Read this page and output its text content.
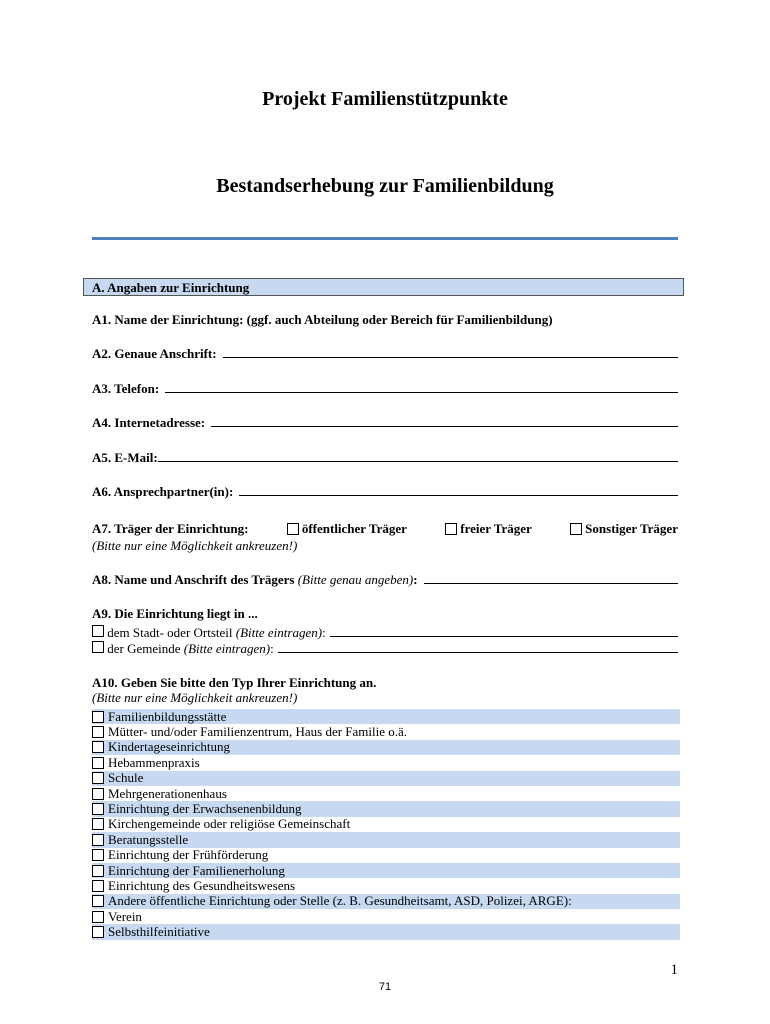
Projekt Familienstützpunkte
Bestandserhebung zur Familienbildung
A. Angaben zur Einrichtung
A1. Name der Einrichtung: (ggf. auch Abteilung oder Bereich für Familienbildung)
A2. Genaue Anschrift:
A3. Telefon:
A4. Internetadresse:
A5. E-Mail:
A6. Ansprechpartner(in):
A7. Träger der Einrichtung:	öffentlicher Träger	freier Träger	Sonstiger Träger
(Bitte nur eine Möglichkeit ankreuzen!)
A8. Name und Anschrift des Trägers
(Bitte genau angeben) :
A9. Die Einrichtung liegt in ...

dem Stadt- oder Ortsteil
(Bitte eintragen) :

der Gemeinde
(Bitte eintragen) :
A10. Geben Sie bitte den Typ Ihrer Einrichtung an.
(Bitte nur eine Möglichkeit ankreuzen!)
Familienbildungsstätte
Mütter- und/oder Familienzentrum, Haus der Familie o.ä.
Kindertageseinrichtung
Hebammenpraxis
Schule
Mehrgenerationenhaus
Einrichtung der Erwachsenenbildung
Kirchengemeinde oder religiöse Gemeinschaft
Beratungsstelle
Einrichtung der Frühförderung
Einrichtung der Familienerholung
Einrichtung des Gesundheitswesens
Andere öffentliche Einrichtung oder Stelle (z. B. Gesundheitsamt, ASD, Polizei, ARGE):
Verein
Selbsthilfeinitiative
1
71
